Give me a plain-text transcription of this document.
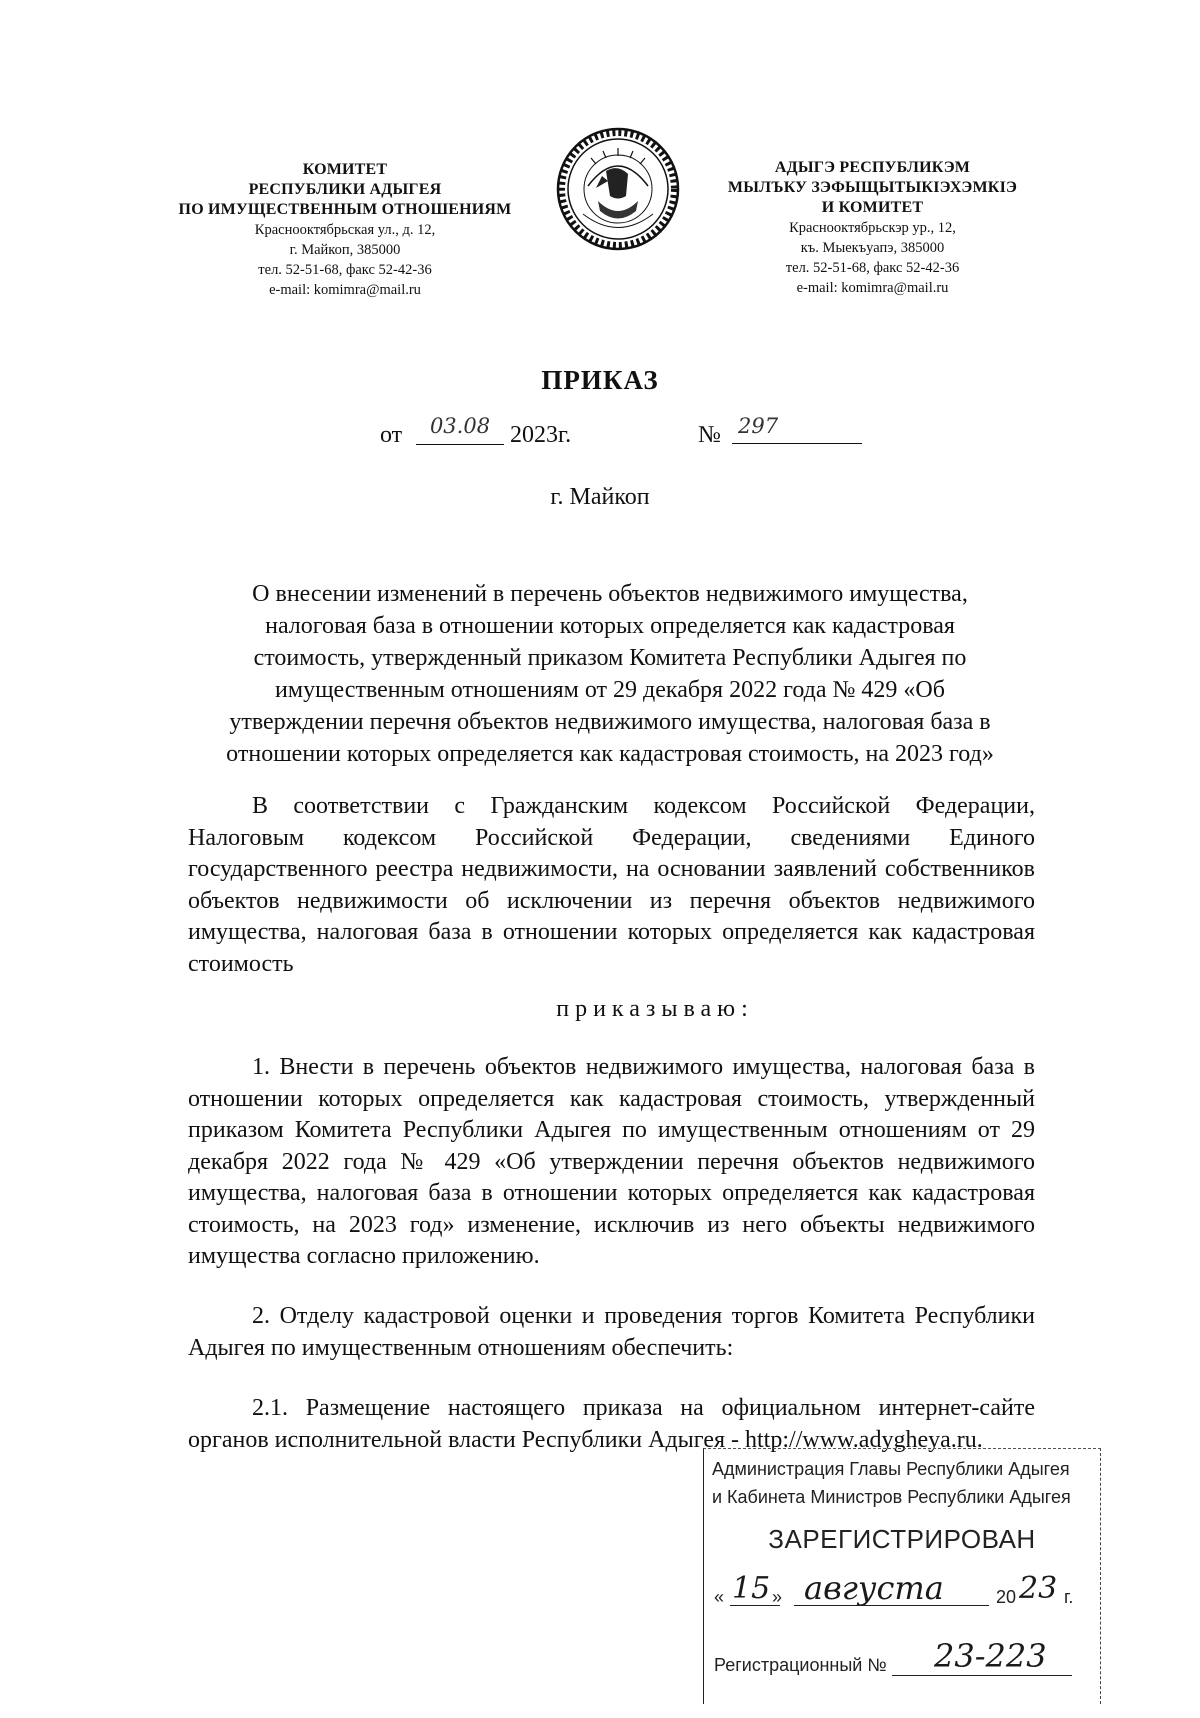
КОМИТЕТ
РЕСПУБЛИКИ АДЫГЕЯ
ПО ИМУЩЕСТВЕННЫМ ОТНОШЕНИЯМ
Краснооктябрьская ул., д. 12,
г. Майкоп, 385000
тел. 52-51-68, факс 52-42-36
e-mail: komimra@mail.ru
АДЫГЭ РЕСПУБЛИКЭМ
МЫЛЪКУ ЗЭФЫЩЫТЫКІЭХЭМКІЭ
И КОМИТЕТ
Краснооктябрьскэр ур., 12,
къ. Мыекъуапэ, 385000
тел. 52-51-68, факс 52-42-36
e-mail: komimra@mail.ru
ПРИКАЗ
от	03.08 2023г.	№ 297
г. Майкоп
О внесении изменений в перечень объектов недвижимого имущества,
налоговая база в отношении которых определяется как кадастровая
стоимость, утвержденный приказом Комитета Республики Адыгея по
имущественным отношениям от 29 декабря 2022 года № 429 «Об
утверждении перечня объектов недвижимого имущества, налоговая база в
отношении которых определяется как кадастровая стоимость, на 2023 год»
В соответствии с Гражданским кодексом Российской Федерации, Налоговым кодексом Российской Федерации, сведениями Единого государственного реестра недвижимости, на основании заявлений собственников объектов недвижимости об исключении из перечня объектов недвижимого имущества, налоговая база в отношении которых определяется как кадастровая стоимость
приказываю:
1. Внести в перечень объектов недвижимого имущества, налоговая база в отношении которых определяется как кадастровая стоимость, утвержденный приказом Комитета Республики Адыгея по имущественным отношениям от 29 декабря 2022 года № 429 «Об утверждении перечня объектов недвижимого имущества, налоговая база в отношении которых определяется как кадастровая стоимость, на 2023 год» изменение, исключив из него объекты недвижимого имущества согласно приложению.
2. Отделу кадастровой оценки и проведения торгов Комитета Республики Адыгея по имущественным отношениям обеспечить:
2.1. Размещение настоящего приказа на официальном интернет-сайте органов исполнительной власти Республики Адыгея - http://www.adygheya.ru.
Администрация Главы Республики Адыгея
и Кабинета Министров Республики Адыгея
ЗАРЕГИСТРИРОВАН
« 15 » августа	20 23 г.
Регистрационный № 23-223
